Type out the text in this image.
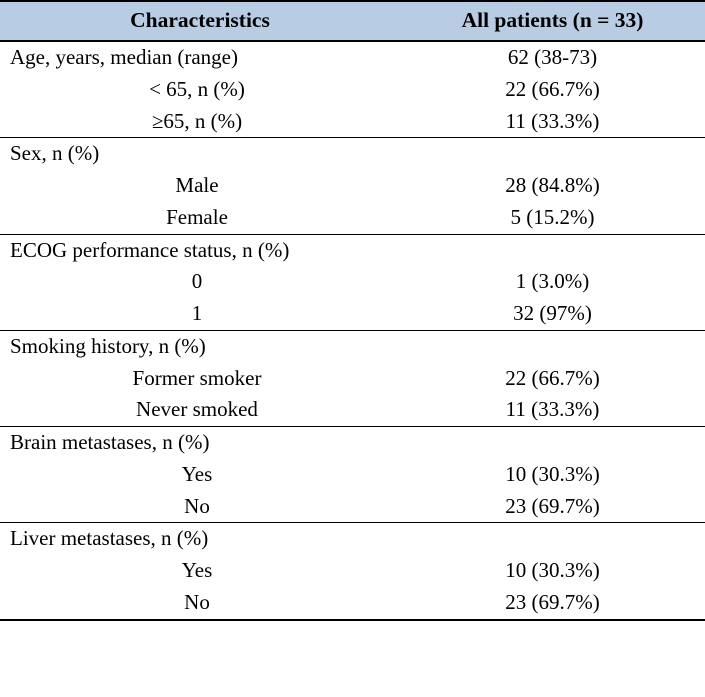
Characteristics	All patients (n = 33)
Age, years, median (range)	62 (38-73)
< 65, n (%)	22 (66.7%)
≥65, n (%)	11 (33.3%)
Sex, n (%)	
Male	28 (84.8%)
Female	5 (15.2%)
ECOG performance status, n (%)	
0	1 (3.0%)
1	32 (97%)
Smoking history, n (%)	
Former smoker	22 (66.7%)
Never smoked	11 (33.3%)
Brain metastases, n (%)	
Yes	10 (30.3%)
No	23 (69.7%)
Liver metastases, n (%)	
Yes	10 (30.3%)
No	23 (69.7%)
